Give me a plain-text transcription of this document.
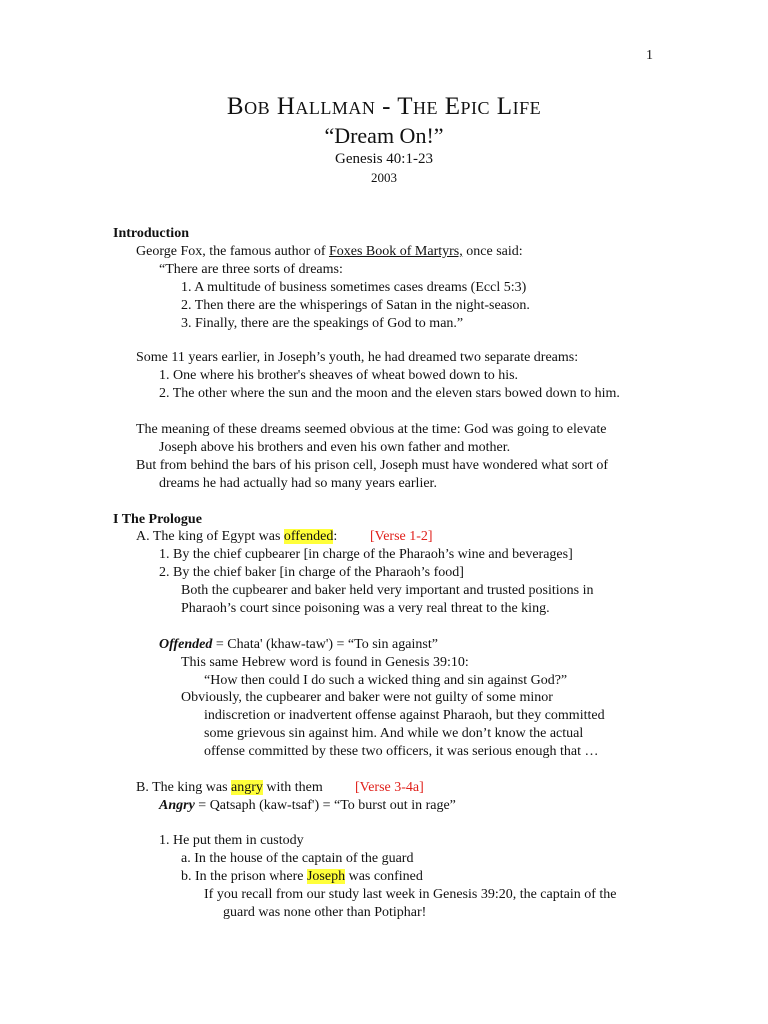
1
Bob Hallman - The Epic Life
“Dream On!”
Genesis 40:1-23
2003
Introduction
George Fox, the famous author of Foxes Book of Martyrs, once said:
“There are three sorts of dreams:
1. A multitude of business sometimes cases dreams (Eccl 5:3)
2. Then there are the whisperings of Satan in the night-season.
3. Finally, there are the speakings of God to man.”
Some 11 years earlier, in Joseph’s youth, he had dreamed two separate dreams:
1. One where his brother's sheaves of wheat bowed down to his.
2. The other where the sun and the moon and the eleven stars bowed down to him.
The meaning of these dreams seemed obvious at the time: God was going to elevate
Joseph above his brothers and even his own father and mother.
But from behind the bars of his prison cell, Joseph must have wondered what sort of
dreams he had actually had so many years earlier.
I The Prologue
A. The king of Egypt was offended: [Verse 1-2]
1. By the chief cupbearer [in charge of the Pharaoh’s wine and beverages]
2. By the chief baker [in charge of the Pharaoh’s food]
Both the cupbearer and baker held very important and trusted positions in
Pharaoh’s court since poisoning was a very real threat to the king.
Offended = Chata' (khaw-taw') = “To sin against”
This same Hebrew word is found in Genesis 39:10:
“How then could I do such a wicked thing and sin against God?”
Obviously, the cupbearer and baker were not guilty of some minor
indiscretion or inadvertent offense against Pharaoh, but they committed
some grievous sin against him. And while we don’t know the actual
offense committed by these two officers, it was serious enough that …
B. The king was angry with them [Verse 3-4a]
Angry = Qatsaph (kaw-tsaf') = “To burst out in rage”
1. He put them in custody
a. In the house of the captain of the guard
b. In the prison where Joseph was confined
If you recall from our study last week in Genesis 39:20, the captain of the
guard was none other than Potiphar!
